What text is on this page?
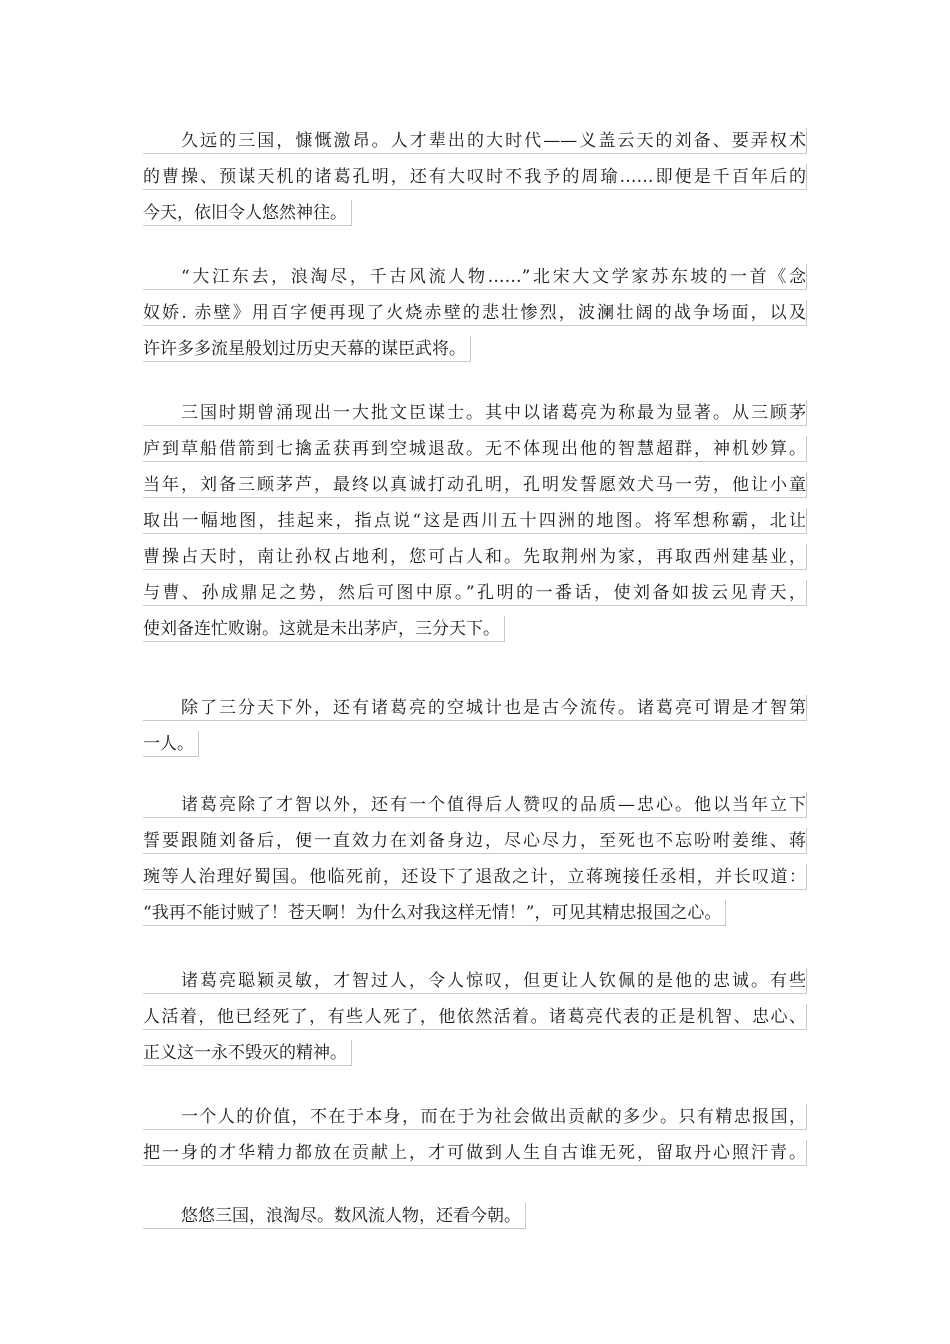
久远的三国，慷慨激昂。人才辈出的大时代——义盖云天的刘备、要弄权术
的曹操、预谋天机的诸葛孔明，还有大叹时不我予的周瑜……即便是千百年后的
今天，依旧令人悠然神往。
“大江东去，浪淘尽，千古风流人物……”北宋大文学家苏东坡的一首《念
奴娇. 赤壁》用百字便再现了火烧赤壁的悲壮惨烈，波澜壮阔的战争场面，以及
许许多多流星般划过历史天幕的谋臣武将。
三国时期曾涌现出一大批文臣谋士。其中以诸葛亮为称最为显著。从三顾茅
庐到草船借箭到七擒孟获再到空城退敌。无不体现出他的智慧超群，神机妙算。
当年，刘备三顾茅芦，最终以真诚打动孔明，孔明发誓愿效犬马一劳，他让小童
取出一幅地图，挂起来，指点说“这是西川五十四洲的地图。将军想称霸，北让
曹操占天时，南让孙权占地利，您可占人和。先取荆州为家，再取西州建基业，
与曹、孙成鼎足之势，然后可图中原。”孔明的一番话，使刘备如拔云见青天，
使刘备连忙败谢。这就是未出茅庐，三分天下。
除了三分天下外，还有诸葛亮的空城计也是古今流传。诸葛亮可谓是才智第
一人。
诸葛亮除了才智以外，还有一个值得后人赞叹的品质—忠心。他以当年立下
誓要跟随刘备后，便一直效力在刘备身边，尽心尽力，至死也不忘吩咐姜维、蒋
琬等人治理好蜀国。他临死前，还设下了退敌之计，立蒋琬接任丞相，并长叹道：
“我再不能讨贼了！苍天啊！为什么对我这样无情！”，可见其精忠报国之心。
诸葛亮聪颖灵敏，才智过人，令人惊叹，但更让人钦佩的是他的忠诚。有些
人活着，他已经死了，有些人死了，他依然活着。诸葛亮代表的正是机智、忠心、
正义这一永不毁灭的精神。
一个人的价值，不在于本身，而在于为社会做出贡献的多少。只有精忠报国，
把一身的才华精力都放在贡献上，才可做到人生自古谁无死，留取丹心照汗青。
悠悠三国，浪淘尽。数风流人物，还看今朝。
